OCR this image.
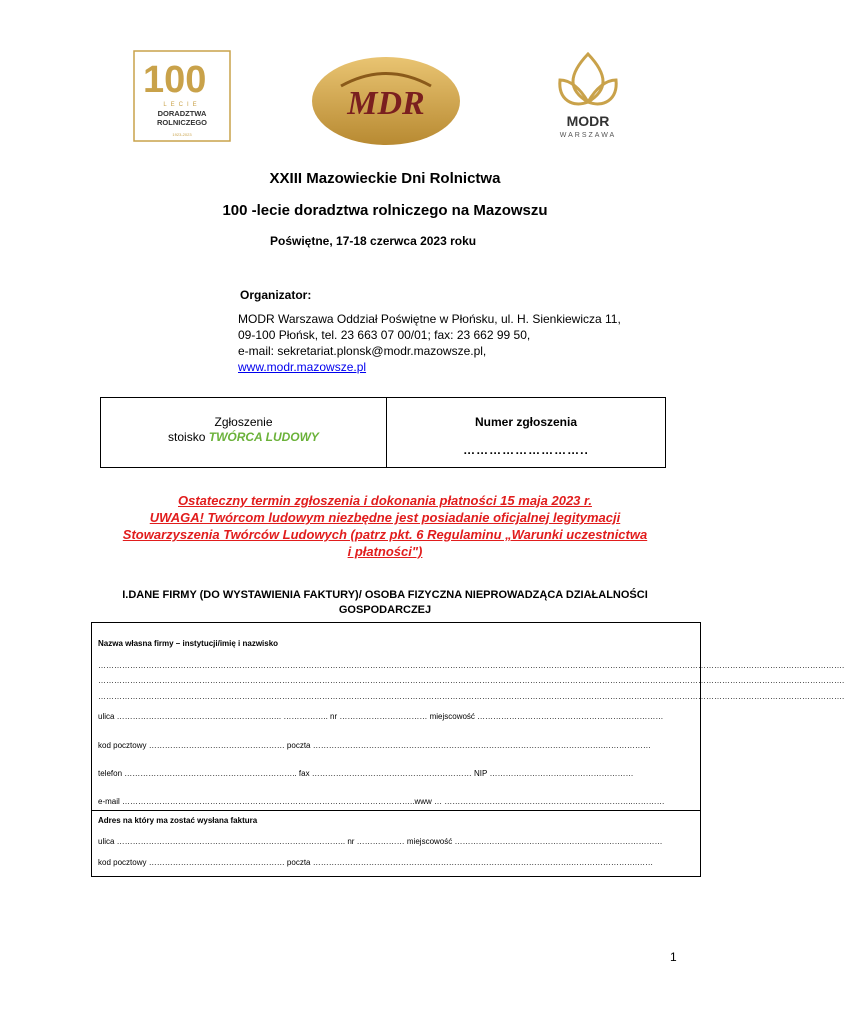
100
LECIE
DORADZTWA
ROLNICZEGO
1923-2023
MDR	MODR
WARSZAWA
XXIII Mazowieckie Dni Rolnictwa
100 -lecie doradztwa rolniczego na Mazowszu
Poświętne, 17-18 czerwca 2023 roku
Organizator:
MODR Warszawa Oddział Poświętne w Płońsku, ul. H. Sienkiewicza 11,
09-100 Płońsk, tel. 23 663 07 00/01; fax: 23 662 99 50,
e-mail: sekretariat.plonsk@modr.mazowsze.pl,
www.modr.mazowsze.pl
Zgłoszenie
stoisko TWÓRCA LUDOWY
Numer zgłoszenia
………………………..
Ostateczny termin zgłoszenia i dokonania płatności 15 maja 2023 r.
UWAGA! Twórcom ludowym niezbędne jest posiadanie oficjalnej legitymacji
Stowarzyszenia Twórców Ludowych (patrz pkt. 6 Regulaminu „Warunki uczestnictwa
i płatności")
I.DANE FIRMY (DO WYSTAWIENIA FAKTURY)/ OSOBA FIZYCZNA NIEPROWADZĄCA DZIAŁALNOŚCI
GOSPODARCZEJ
Nazwa własna firmy – instytucji/imię i nazwisko
……………………………………………………………………………………………………………………………………………………………………………………………………………………………………………………….
……………………………………………………………………………………………………………………………………………………………………………………………………………………………………………………….
……………………………………………………………………………………………………………………………………………………………………………………………………………………………………………………….
ulica …………………………………………………….. …………….. nr …………………………… miejscowość ……………………………………………….……………
kod pocztowy …………………………………………… poczta ……………………………………………………………………………………………….………………
telefon ……………………………………………………….. fax …………………………………………………… NIP ………………………………………………
e-mail ………………………………………………………………………………………………..www … ……………………………………………………………..…………
Adres na który ma zostać wysłana faktura
ulica ………………………………………………………………………….. nr ……………… miejscowość ……………………………………………………………………
kod pocztowy …………………………………………… poczta …………………………………………………………………………………….…………………….……
1
